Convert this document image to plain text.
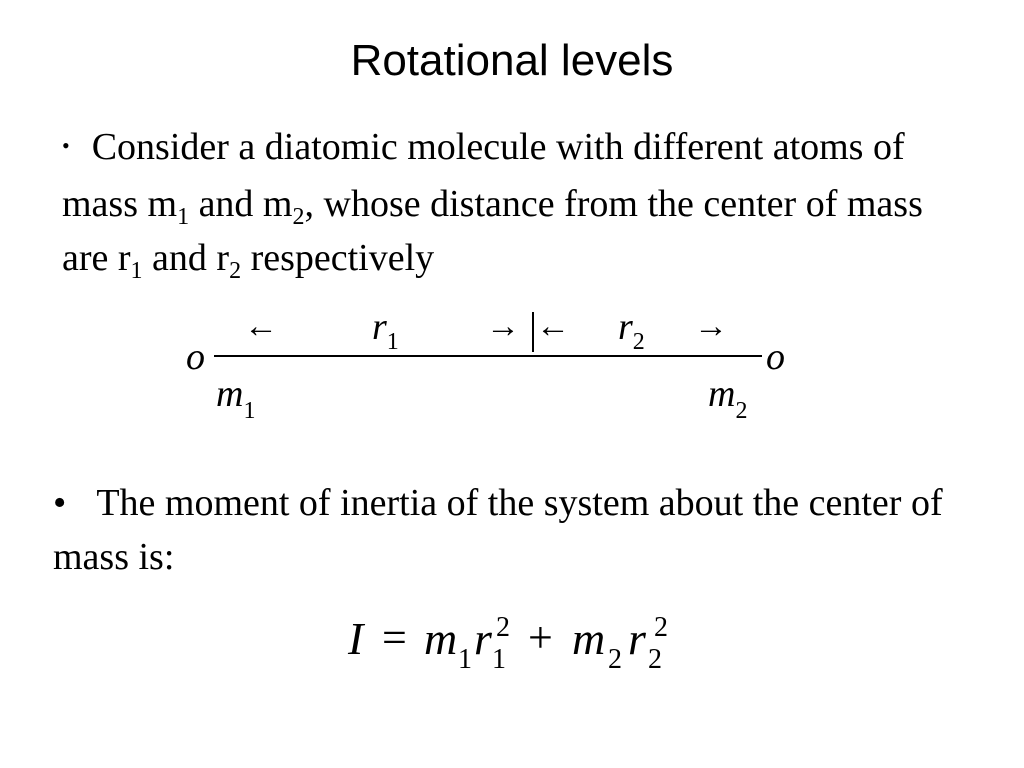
Rotational levels
• Consider a diatomic molecule with different atoms of mass $m_1$ and $m_2$, whose distance from the center of mass are $r_1$ and $r_2$ respectively
← $r_1$	→ ← $r_2$ →
o	o
$m_1$	$m_2$
• The moment of inertia of the system about the center of mass is:
I = m 1 r 2
1 + m 2 r 2
2
